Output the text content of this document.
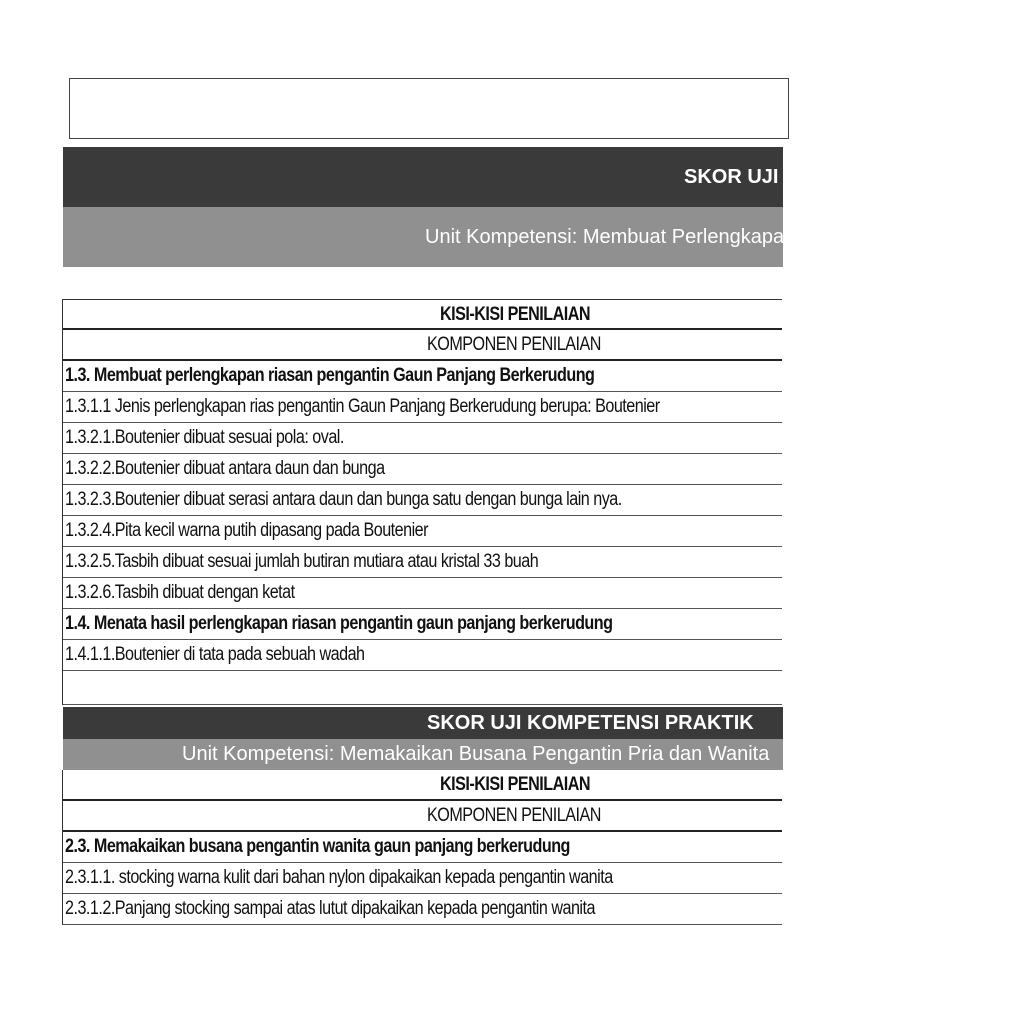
SKOR UJI KOMPETENSI PRAKTIK
Unit Kompetensi: Membuat Perlengkapan Riasan Pengantin
KISI-KISI PENILAIAN
KOMPONEN PENILAIAN
1.3. Membuat perlengkapan riasan pengantin Gaun Panjang Berkerudung
1.3.1.1 Jenis perlengkapan rias pengantin Gaun Panjang Berkerudung berupa: Boutenier
1.3.2.1.Boutenier dibuat sesuai pola: oval.
1.3.2.2.Boutenier dibuat antara daun dan bunga
1.3.2.3.Boutenier dibuat serasi antara daun dan bunga satu dengan bunga lain nya.
1.3.2.4.Pita kecil warna putih dipasang pada Boutenier
1.3.2.5.Tasbih dibuat sesuai jumlah butiran mutiara atau kristal 33 buah
1.3.2.6.Tasbih dibuat dengan ketat
1.4. Menata hasil perlengkapan riasan pengantin gaun panjang berkerudung
1.4.1.1.Boutenier di tata pada sebuah wadah
SKOR UJI KOMPETENSI PRAKTIK
Unit Kompetensi: Memakaikan Busana Pengantin Pria dan Wanita
KISI-KISI PENILAIAN
KOMPONEN PENILAIAN
2.3. Memakaikan busana pengantin wanita gaun panjang berkerudung
2.3.1.1. stocking warna kulit dari bahan nylon dipakaikan kepada pengantin wanita
2.3.1.2.Panjang stocking sampai atas lutut dipakaikan kepada pengantin wanita
